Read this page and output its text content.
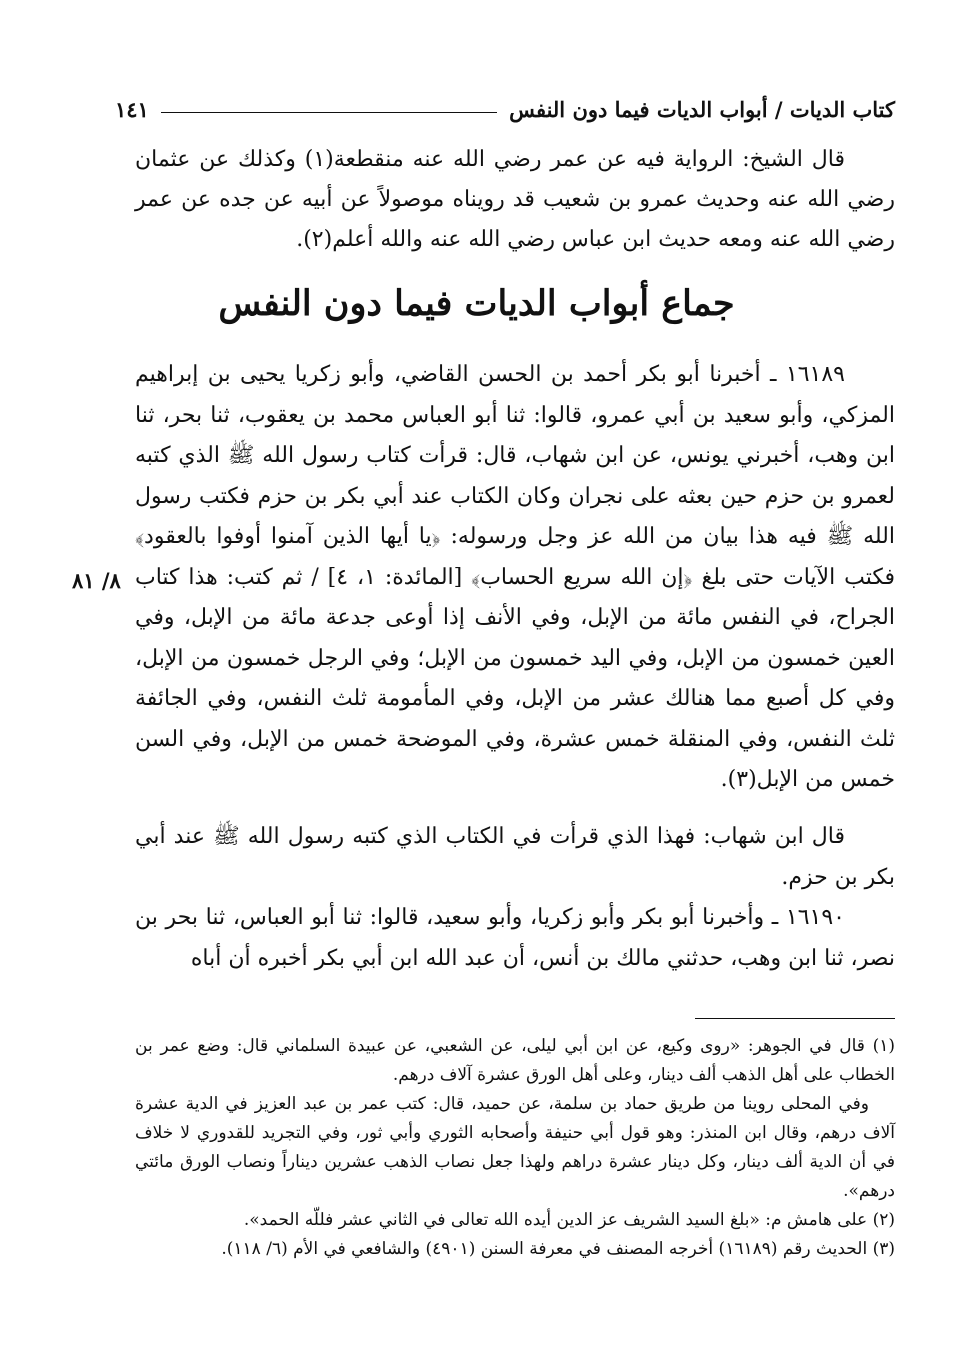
كتاب الديات / أبواب الديات فيما دون النفس
١٤١

قال الشيخ: الرواية فيه عن عمر رضي الله عنه منقطعة(١) وكذلك عن عثمان رضي الله عنه وحديث عمرو بن شعيب قد رويناه موصولاً عن أبيه عن جده عن عمر رضي الله عنه ومعه حديث ابن عباس رضي الله عنه والله أعلم(٢).

جماع أبواب الديات فيما دون النفس

١٦١٨٩ ـ أخبرنا أبو بكر أحمد بن الحسن القاضي، وأبو زكريا يحيى بن إبراهيم المزكي، وأبو سعيد بن أبي عمرو، قالوا: ثنا أبو العباس محمد بن يعقوب، ثنا بحر، ثنا ابن وهب، أخبرني يونس، عن ابن شهاب، قال: قرأت كتاب رسول الله ﷺ الذي كتبه لعمرو بن حزم حين بعثه على نجران وكان الكتاب عند أبي بكر بن حزم فكتب رسول الله ﷺ فيه هذا بيان من الله عز وجل ورسوله: ﴿يا أيها الذين آمنوا أوفوا بالعقود﴾ فكتب الآيات حتى بلغ ﴿إن الله سريع الحساب﴾ [المائدة: ١، ٤] / ثم كتب: هذا كتاب الجراح، في النفس مائة من الإبل، وفي الأنف إذا أوعى جدعة مائة من الإبل، وفي العين خمسون من الإبل، وفي اليد خمسون من الإبل؛ وفي الرجل خمسون من الإبل، وفي كل أصبع مما هنالك عشر من الإبل، وفي المأمومة ثلث النفس، وفي الجائفة ثلث النفس، وفي المنقلة خمس عشرة، وفي الموضحة خمس من الإبل، وفي السن خمس من الإبل(٣).

٨/ ٨١

قال ابن شهاب: فهذا الذي قرأت في الكتاب الذي كتبه رسول الله ﷺ عند أبي بكر بن حزم.

١٦١٩٠ ـ وأخبرنا أبو بكر وأبو زكريا، وأبو سعيد، قالوا: ثنا أبو العباس، ثنا بحر بن نصر، ثنا ابن وهب، حدثني مالك بن أنس، أن عبد الله ابن أبي بكر أخبره أن أباه

(١) قال في الجوهر: «روى وكيع، عن ابن أبي ليلى، عن الشعبي، عن عبيدة السلماني قال: وضع عمر بن الخطاب على أهل الذهب ألف دينار، وعلى أهل الورق عشرة آلاف درهم.

وفي المحلى روينا من طريق حماد بن سلمة، عن حميد، قال: كتب عمر بن عبد العزيز في الدية عشرة آلاف درهم، وقال ابن المنذر: وهو قول أبي حنيفة وأصحابه الثوري وأبي ثور، وفي التجريد للقدوري لا خلاف في أن الدية ألف دينار، وكل دينار عشرة دراهم ولهذا جعل نصاب الذهب عشرين ديناراً ونصاب الورق مائتي درهم».

(٢) على هامش م: «بلغ السيد الشريف عز الدين أيده الله تعالى في الثاني عشر فللّه الحمد».

(٣) الحديث رقم (١٦١٨٩) أخرجه المصنف في معرفة السنن (٤٩٠١) والشافعي في الأم (٦/ ١١٨).
